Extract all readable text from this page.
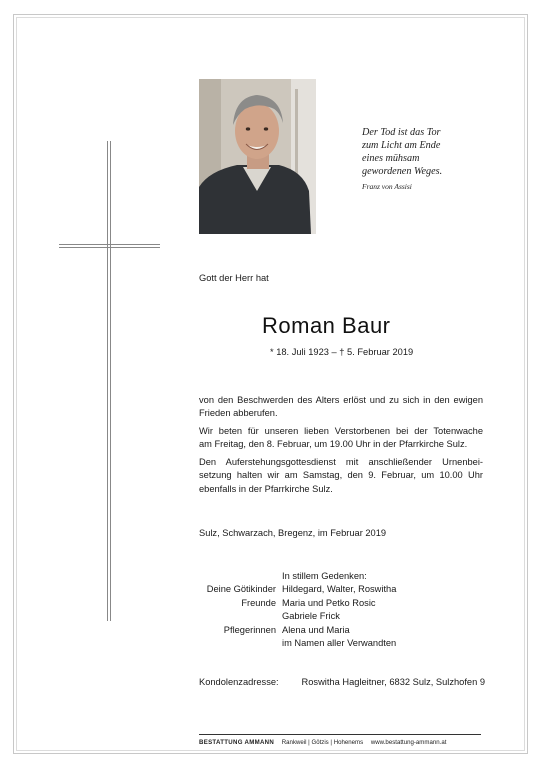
Der Tod ist das Tor
zum Licht am Ende
eines mühsam
gewordenen Weges.
Franz von Assisi
Gott der Herr hat
Roman Baur
* 18. Juli 1923 – † 5. Februar 2019
von den Beschwerden des Alters erlöst und zu sich in den ewigen
Frieden abberufen.
Wir beten für unseren lieben Verstorbenen bei der Totenwache
am Freitag, den 8. Februar, um 19.00 Uhr in der Pfarrkirche Sulz.
Den Auferstehungsgottesdienst mit anschließender Urnenbei-
setzung halten wir am Samstag, den 9. Februar, um 10.00 Uhr
ebenfalls in der Pfarrkirche Sulz.
Sulz, Schwarzach, Bregenz, im Februar 2019
In stillem Gedenken:
Deine Götikinder Hildegard, Walter, Roswitha
Freunde Maria und Petko Rosic
Gabriele Frick
Pflegerinnen Alena und Maria
im Namen aller Verwandten
Kondolenzadresse: Roswitha Hagleitner, 6832 Sulz, Sulzhofen 9
BESTATTUNG AMMANN Rankweil | Götzis | Hohenems www.bestattung-ammann.at
